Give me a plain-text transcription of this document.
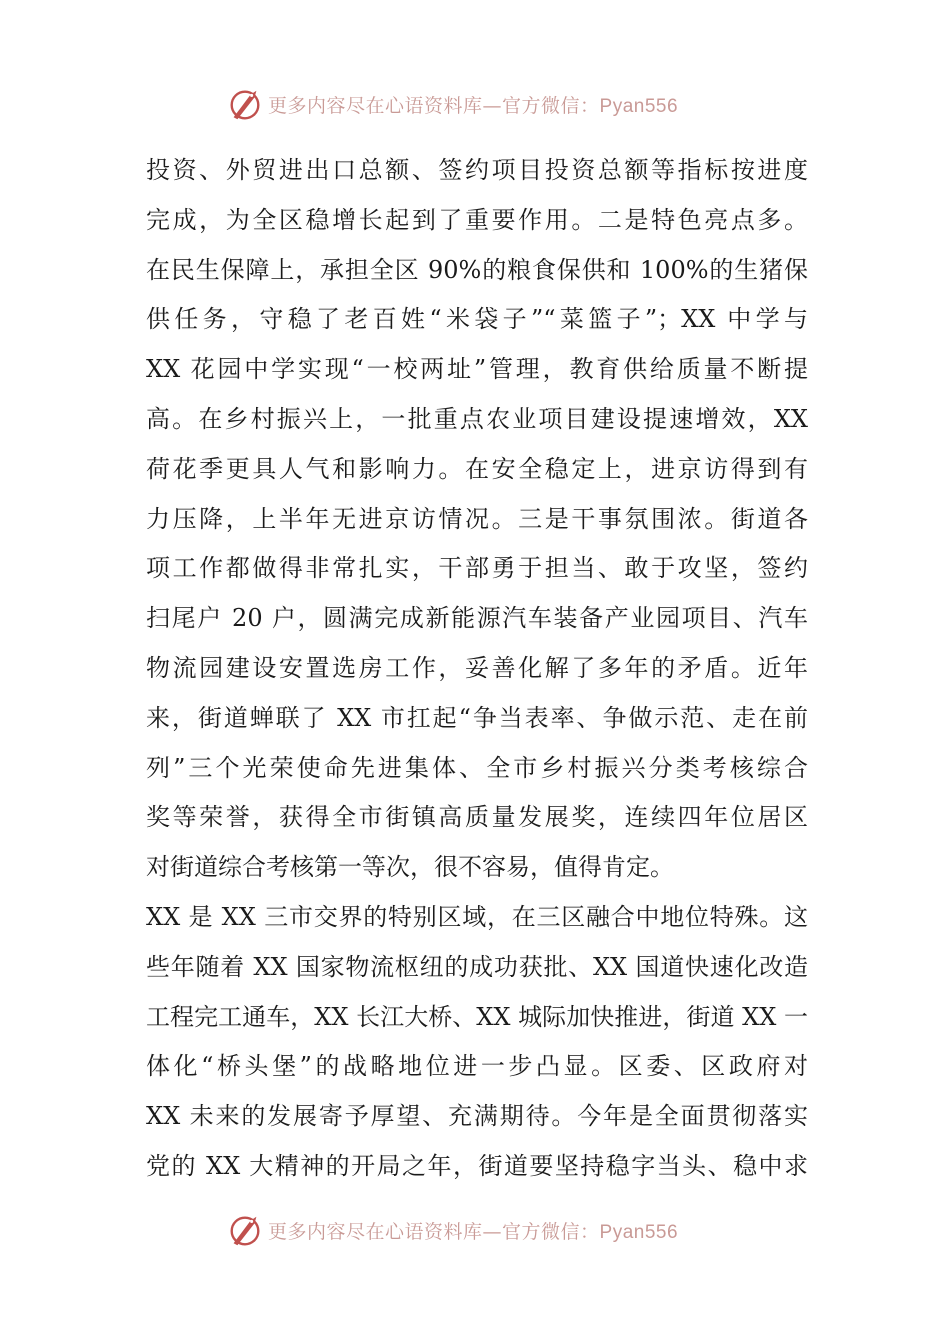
更多内容尽在心语资料库—官方微信：Pyan556
投资、外贸进出口总额、签约项目投资总额等指标按进度
完成，为全区稳增长起到了重要作用。二是特色亮点多。
在民生保障上，承担全区 90%的粮食保供和 100%的生猪保
供任务，守稳了老百姓“米袋子”“菜篮子”；XX 中学与
XX 花园中学实现“一校两址”管理，教育供给质量不断提
高。在乡村振兴上，一批重点农业项目建设提速增效，XX
荷花季更具人气和影响力。在安全稳定上，进京访得到有
力压降，上半年无进京访情况。三是干事氛围浓。街道各
项工作都做得非常扎实，干部勇于担当、敢于攻坚，签约
扫尾户 20 户，圆满完成新能源汽车装备产业园项目、汽车
物流园建设安置选房工作，妥善化解了多年的矛盾。近年
来，街道蝉联了 XX 市扛起“争当表率、争做示范、走在前
列”三个光荣使命先进集体、全市乡村振兴分类考核综合
奖等荣誉，获得全市街镇高质量发展奖，连续四年位居区
对街道综合考核第一等次，很不容易，值得肯定。
XX 是 XX 三市交界的特别区域，在三区融合中地位特殊。这
些年随着 XX 国家物流枢纽的成功获批、XX 国道快速化改造
工程完工通车，XX 长江大桥、XX 城际加快推进，街道 XX 一
体化“桥头堡”的战略地位进一步凸显。区委、区政府对
XX 未来的发展寄予厚望、充满期待。今年是全面贯彻落实
党的 XX 大精神的开局之年，街道要坚持稳字当头、稳中求
更多内容尽在心语资料库—官方微信：Pyan556
